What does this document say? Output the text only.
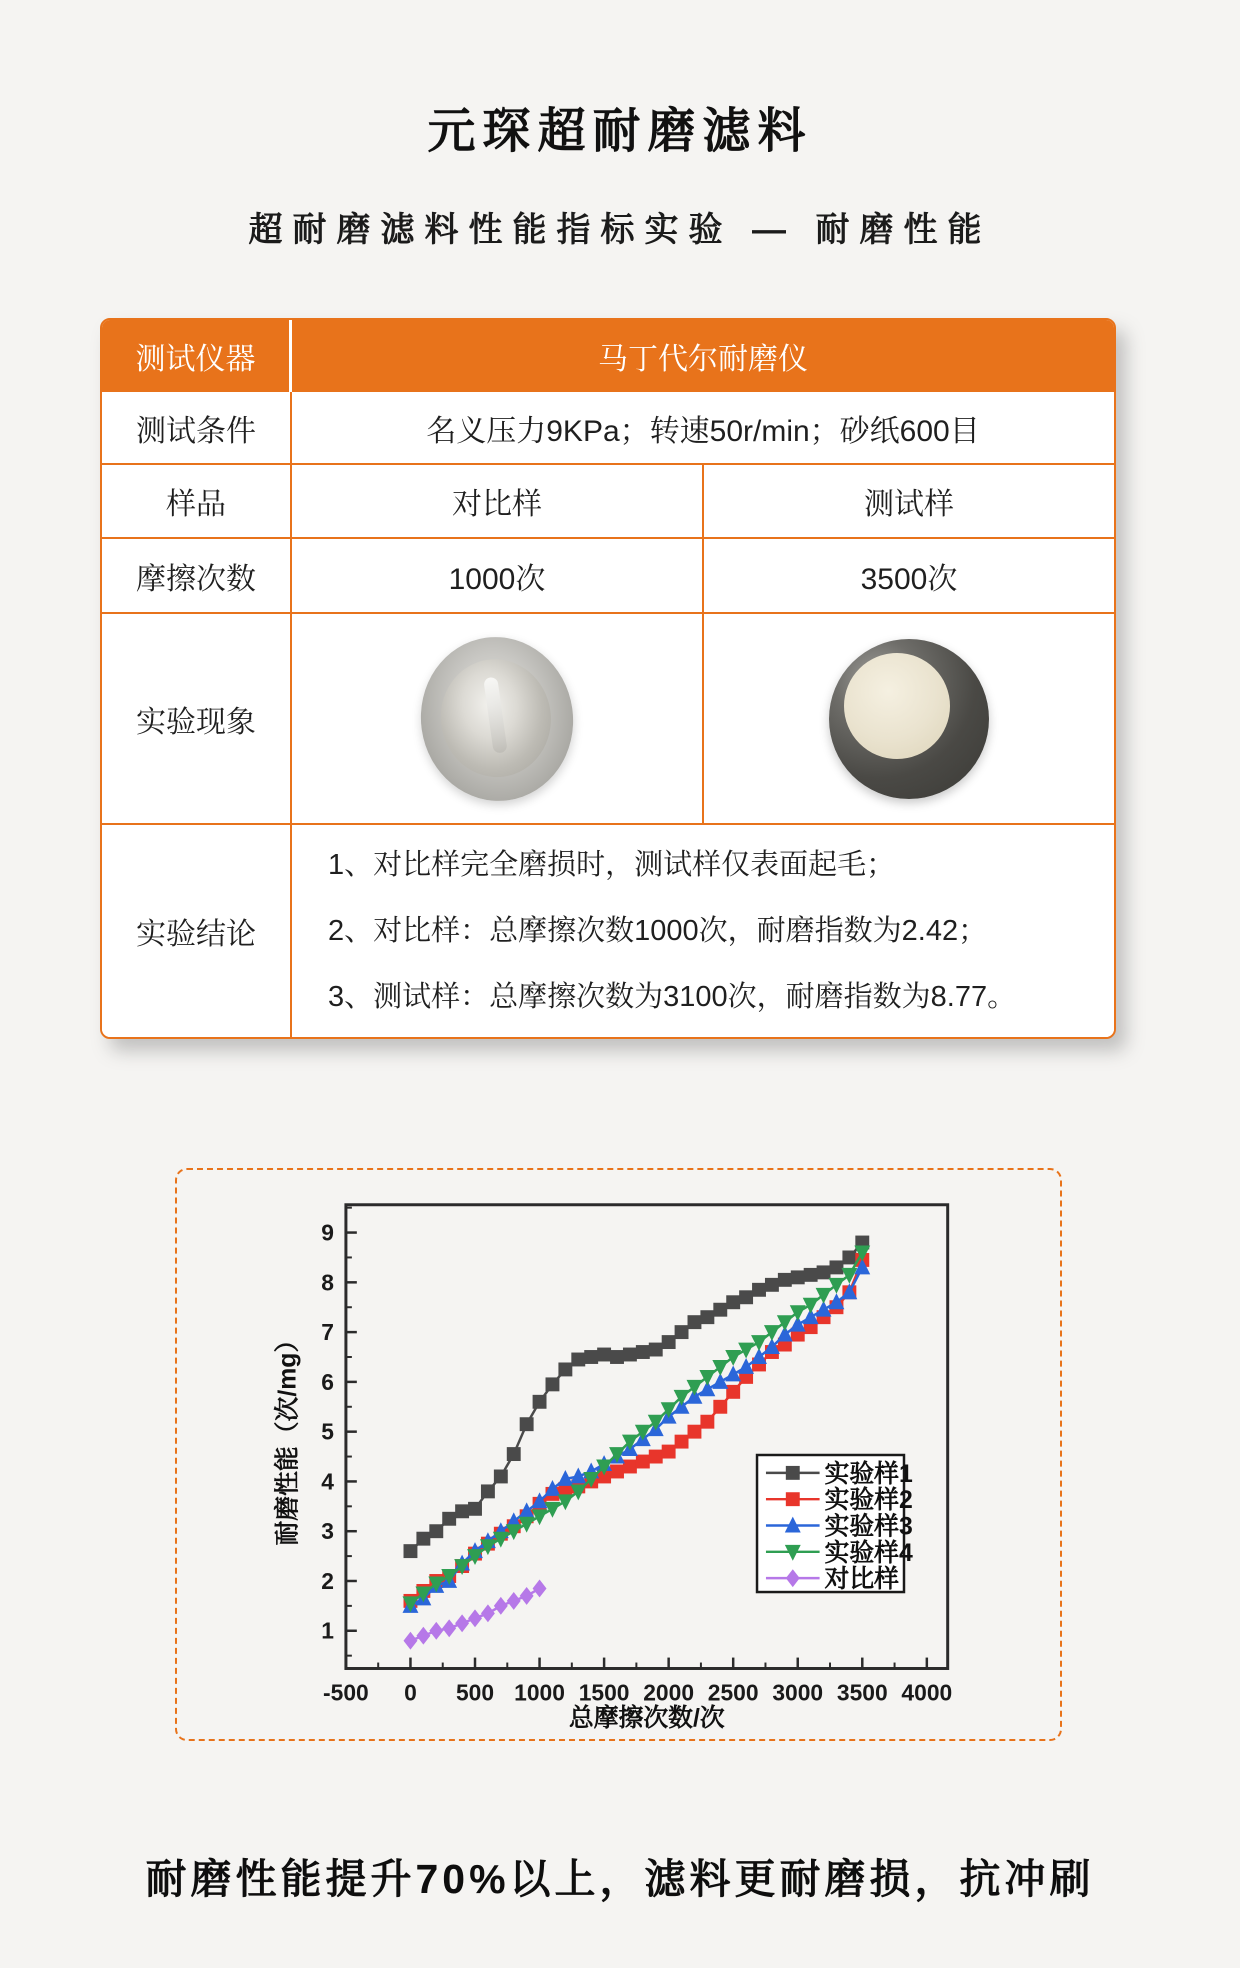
元琛超耐磨滤料
超耐磨滤料性能指标实验 — 耐磨性能
测试仪器	马丁代尔耐磨仪
测试条件	名义压力9KPa；转速50r/min；砂纸600目
样品	对比样	测试样
摩擦次数	1000次	3500次
实验现象
实验结论
1、对比样完全磨损时，测试样仅表面起毛；
2、对比样：总摩擦次数1000次，耐磨指数为2.42；
3、测试样：总摩擦次数为3100次，耐磨指数为8.77。
-500 0 500 1000 1500 2000 2500 3000 3500 4000
1
2
3
4
5
6
7
8
9
总摩擦次数/次
耐磨性能（次/mg）	实验样1
实验样2
实验样3
实验样4
对比样
耐磨性能提升70%以上，滤料更耐磨损，抗冲刷
